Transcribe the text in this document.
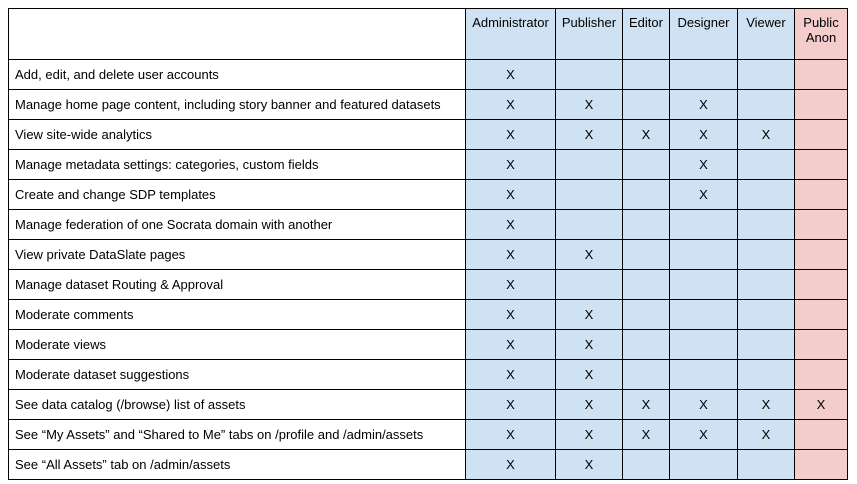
	Administrator	Publisher	Editor	Designer	Viewer	Public
Anon
Add, edit, and delete user accounts	X					
Manage home page content, including story banner and featured datasets	X	X		X		
View site-wide analytics	X	X	X	X	X	
Manage metadata settings: categories, custom fields	X			X		
Create and change SDP templates	X			X		
Manage federation of one Socrata domain with another	X					
View private DataSlate pages	X	X				
Manage dataset Routing & Approval	X					
Moderate comments	X	X				
Moderate views	X	X				
Moderate dataset suggestions	X	X				
See data catalog (/browse) list of assets	X	X	X	X	X	X
See “My Assets” and “Shared to Me” tabs on /profile and /admin/assets	X	X	X	X	X	
See “All Assets” tab on /admin/assets	X	X				
